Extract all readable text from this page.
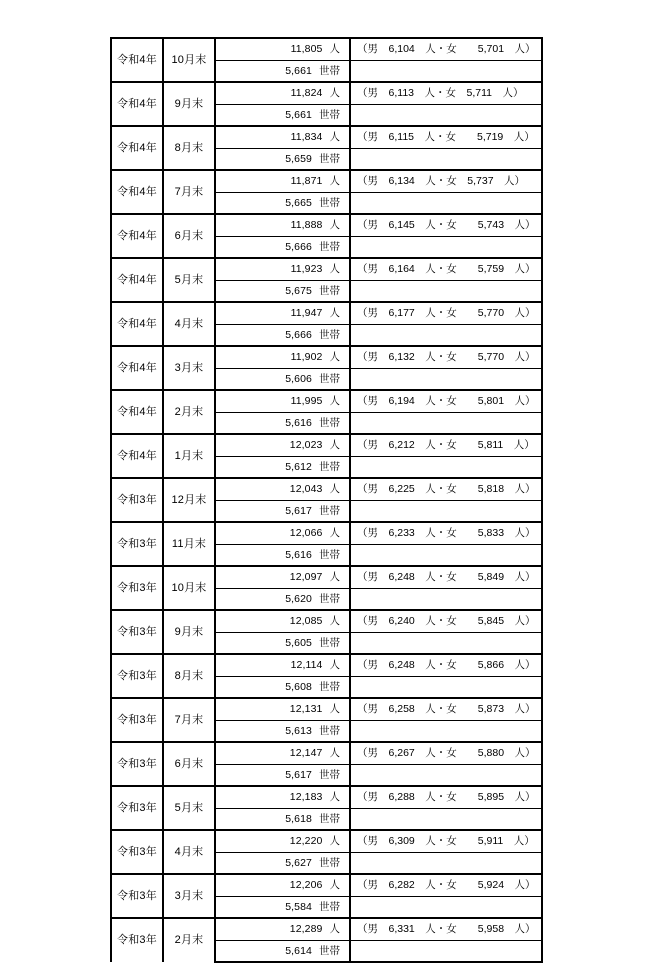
令和4年	10月末	11,805 人	（男　6,104　人・女　　5,701　人）
		5,661 世帯	
令和4年	9月末	11,824 人	（男　6,113　人・女　5,711　人）
		5,661 世帯	
令和4年	8月末	11,834 人	（男　6,115　人・女　　5,719　人）
		5,659 世帯	
令和4年	7月末	11,871 人	（男　6,134　人・女　5,737　人）
		5,665 世帯	
令和4年	6月末	11,888 人	（男　6,145　人・女　　5,743　人）
		5,666 世帯	
令和4年	5月末	11,923 人	（男　6,164　人・女　　5,759　人）
		5,675 世帯	
令和4年	4月末	11,947 人	（男　6,177　人・女　　5,770　人）
		5,666 世帯	
令和4年	3月末	11,902 人	（男　6,132　人・女　　5,770　人）
		5,606 世帯	
令和4年	2月末	11,995 人	（男　6,194　人・女　　5,801　人）
		5,616 世帯	
令和4年	1月末	12,023 人	（男　6,212　人・女　　5,811　人）
		5,612 世帯	
令和3年	12月末	12,043 人	（男　6,225　人・女　　5,818　人）
		5,617 世帯	
令和3年	11月末	12,066 人	（男　6,233　人・女　　5,833　人）
		5,616 世帯	
令和3年	10月末	12,097 人	（男　6,248　人・女　　5,849　人）
		5,620 世帯	
令和3年	9月末	12,085 人	（男　6,240　人・女　　5,845　人）
		5,605 世帯	
令和3年	8月末	12,114 人	（男　6,248　人・女　　5,866　人）
		5,608 世帯	
令和3年	7月末	12,131 人	（男　6,258　人・女　　5,873　人）
		5,613 世帯	
令和3年	6月末	12,147 人	（男　6,267　人・女　　5,880　人）
		5,617 世帯	
令和3年	5月末	12,183 人	（男　6,288　人・女　　5,895　人）
		5,618 世帯	
令和3年	4月末	12,220 人	（男　6,309　人・女　　5,911　人）
		5,627 世帯	
令和3年	3月末	12,206 人	（男　6,282　人・女　　5,924　人）
		5,584 世帯	
令和3年	2月末	12,289 人	（男　6,331　人・女　　5,958　人）
		5,614 世帯	
